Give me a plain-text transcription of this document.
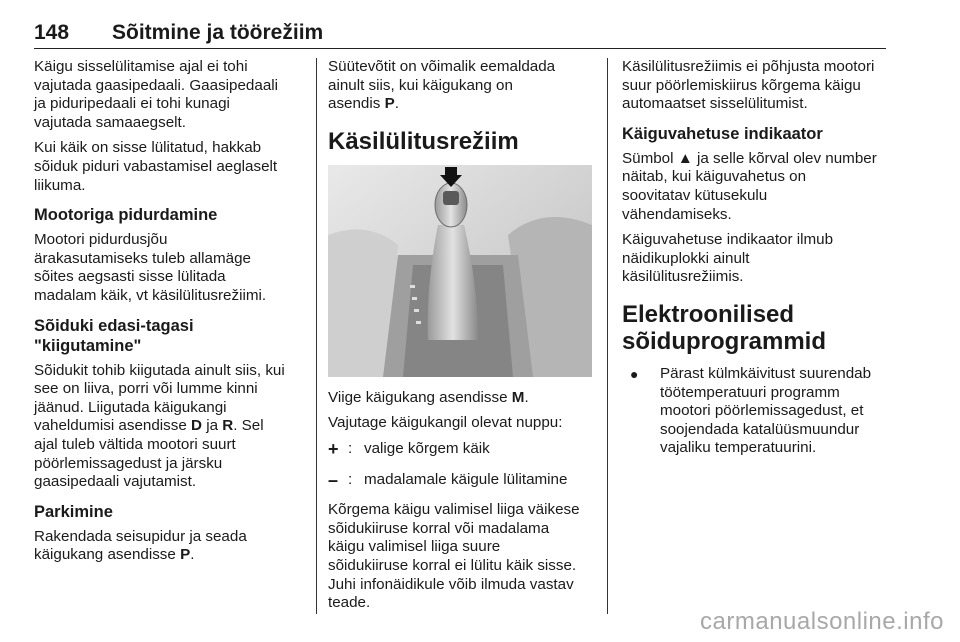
148 Sõitmine ja töörežiim

Käigu sisselülitamise ajal ei tohi
vajutada gaasipedaali. Gaasipedaali
ja piduripedaali ei tohi kunagi
vajutada samaaegselt.

Kui käik on sisse lülitatud, hakkab
sõiduk piduri vabastamisel aeglaselt
liikuma.

Mootoriga pidurdamine

Mootori pidurdusjõu
ärakasutamiseks tuleb allamäge
sõites aegsasti sisse lülitada
madalam käik, vt käsilülitusrežiimi.

Sõiduki edasi-tagasi
"kiigutamine"

Sõidukit tohib kiigutada ainult siis, kui
see on liiva, porri või lumme kinni
jäänud. Liigutada käigukangi
vaheldumisi asendisse D ja R. Sel
ajal tuleb vältida mootori suurt
pöörlemissagedust ja järsku
gaasipedaali vajutamist.

Parkimine

Rakendada seisupidur ja seada
käigukang asendisse P.

Süütevõtit on võimalik eemaldada
ainult siis, kui käigukang on
asendis P.

Käsilülitusrežiim

Viige käigukang asendisse M.

Vajutage käigukangil olevat nuppu:

+ : valige kõrgem käik
– : madalamale käigule lülitamine

Kõrgema käigu valimisel liiga väikese
sõidukiiruse korral või madalama
käigu valimisel liiga suure
sõidukiiruse korral ei lülitu käik sisse.
Juhi infonäidikule võib ilmuda vastav
teade.

Käsilülitusrežiimis ei põhjusta mootori
suur pöörlemiskiirus kõrgema käigu
automaatset sisselülitumist.

Käiguvahetuse indikaator

Sümbol ▲ ja selle kõrval olev number
näitab, kui käiguvahetus on
soovitatav kütusekulu
vähendamiseks.

Käiguvahetuse indikaator ilmub
näidikuplokki ainult
käsilülitusrežiimis.

Elektroonilised
sõiduprogrammid
●	Pärast külmkäivitust suurendab
töötemperatuuri programm
mootori pöörlemissagedust, et
soojendada katalüüsmuundur
vajaliku temperatuurini.
carmanualsonline.info
